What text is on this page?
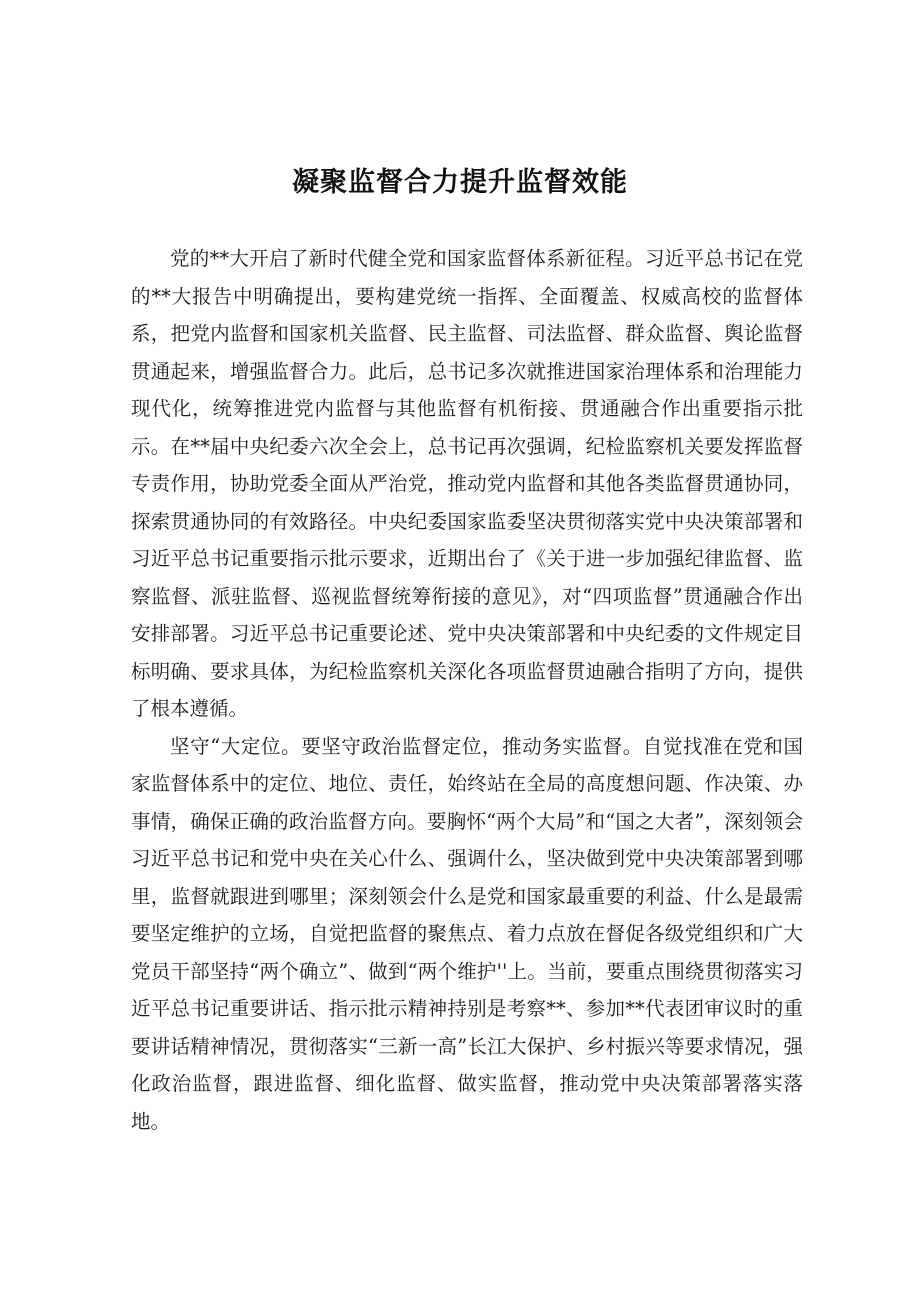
凝聚监督合力提升监督效能

党的**大开启了新时代健全党和国家监督体系新征程。习近平总书记在党的**大报告中明确提出，要构建党统一指挥、全面覆盖、权威高校的监督体系，把党内监督和国家机关监督、民主监督、司法监督、群众监督、舆论监督贯通起来，增强监督合力。此后，总书记多次就推进国家治理体系和治理能力现代化，统筹推进党内监督与其他监督有机衔接、贯通融合作出重要指示批示。在**届中央纪委六次全会上，总书记再次强调，纪检监察机关要发挥监督专责作用，协助党委全面从严治党，推动党内监督和其他各类监督贯通协同，探索贯通协同的有效路径。中央纪委国家监委坚决贯彻落实党中央决策部署和习近平总书记重要指示批示要求，近期出台了《关于进一步加强纪律监督、监察监督、派驻监督、巡视监督统筹衔接的意见》，对“四项监督”贯通融合作出安排部署。习近平总书记重要论述、党中央决策部署和中央纪委的文件规定目标明确、要求具体，为纪检监察机关深化各项监督贯迪融合指明了方向，提供了根本遵循。

坚守“大定位。要坚守政治监督定位，推动务实监督。自觉找准在党和国家监督体系中的定位、地位、责任，始终站在全局的高度想问题、作决策、办事情，确保正确的政治监督方向。要胸怀“两个大局”和“国之大者”，深刻领会习近平总书记和党中央在关心什么、强调什么，坚决做到党中央决策部署到哪里，监督就跟进到哪里；深刻领会什么是党和国家最重要的利益、什么是最需要坚定维护的立场，自觉把监督的聚焦点、着力点放在督促各级党组织和广大党员干部坚持“两个确立”、做到“两个维护''上。当前，要重点围绕贯彻落实习近平总书记重要讲话、指示批示精神持别是考察**、参加**代表团审议时的重要讲话精神情况，贯彻落实“三新一高”长江大保护、乡村振兴等要求情况，强化政治监督，跟进监督、细化监督、做实监督，推动党中央决策部署落实落地。
